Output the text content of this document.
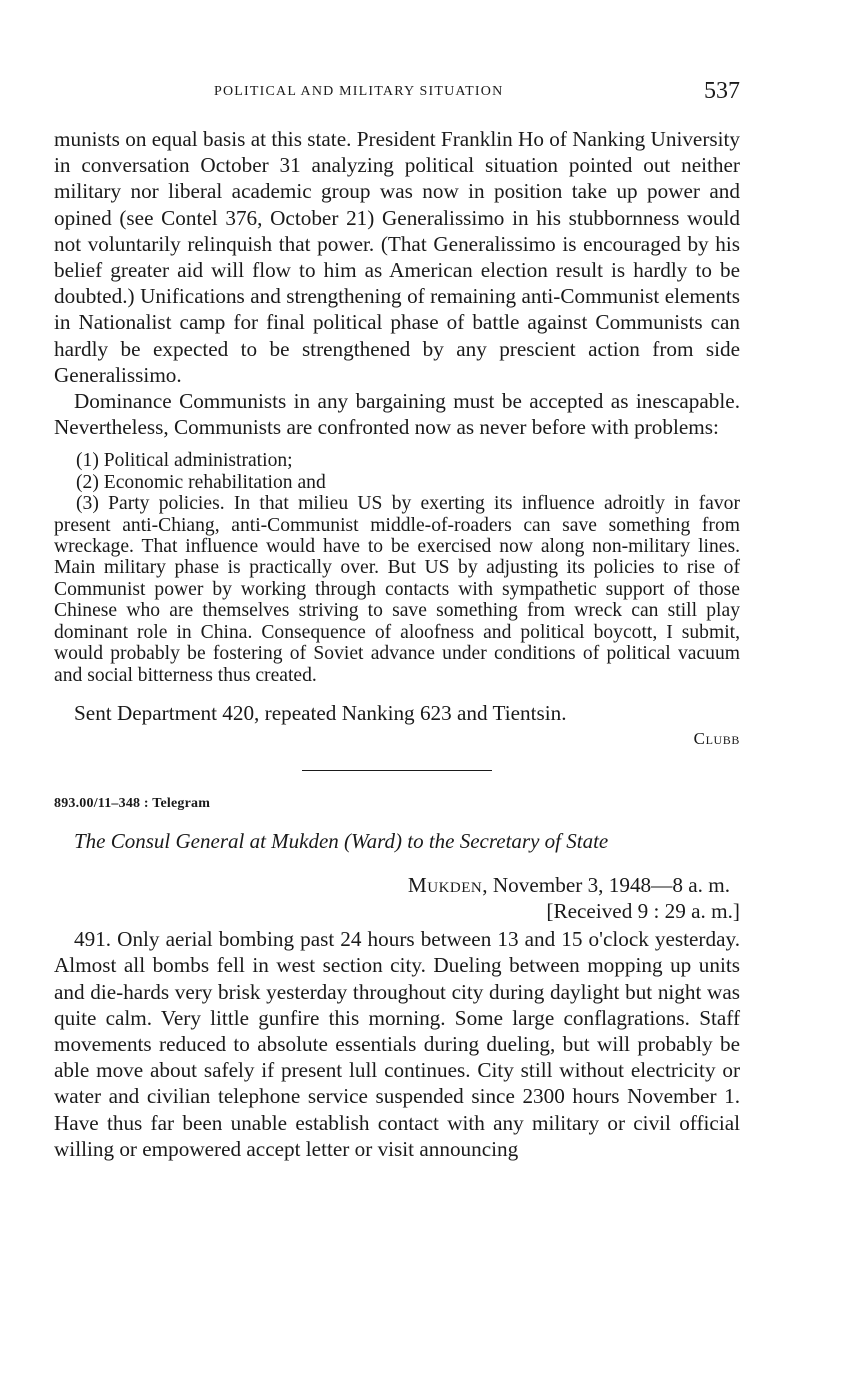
POLITICAL AND MILITARY SITUATION	537

munists on equal basis at this state. President Franklin Ho of Nanking University in conversation October 31 analyzing political situation pointed out neither military nor liberal academic group was now in position take up power and opined (see Contel 376, October 21) Generalissimo in his stubbornness would not voluntarily relinquish that power. (That Generalissimo is encouraged by his belief greater aid will flow to him as American election result is hardly to be doubted.) Unifications and strengthening of remaining anti-Communist elements in Nationalist camp for final political phase of battle against Communists can hardly be expected to be strengthened by any prescient action from side Generalissimo.

Dominance Communists in any bargaining must be accepted as inescapable. Nevertheless, Communists are confronted now as never before with problems:

(1) Political administration;

(2) Economic rehabilitation and

(3) Party policies. In that milieu US by exerting its influence adroitly in favor present anti-Chiang, anti-Communist middle-of-roaders can save something from wreckage. That influence would have to be exercised now along non-military lines. Main military phase is practically over. But US by adjusting its policies to rise of Communist power by working through contacts with sympathetic support of those Chinese who are themselves striving to save something from wreck can still play dominant role in China. Consequence of aloofness and political boycott, I submit, would probably be fostering of Soviet advance under conditions of political vacuum and social bitterness thus created.

Sent Department 420, repeated Nanking 623 and Tientsin.

Clubb

893.00/11–348 : Telegram

The Consul General at Mukden (Ward) to the Secretary of State

Mukden, November 3, 1948—8 a. m.

[Received 9 : 29 a. m.]

491. Only aerial bombing past 24 hours between 13 and 15 o'clock yesterday. Almost all bombs fell in west section city. Dueling between mopping up units and die-hards very brisk yesterday throughout city during daylight but night was quite calm. Very little gunfire this morning. Some large conflagrations. Staff movements reduced to absolute essentials during dueling, but will probably be able move about safely if present lull continues. City still without electricity or water and civilian telephone service suspended since 2300 hours November 1. Have thus far been unable establish contact with any military or civil official willing or empowered accept letter or visit announcing
